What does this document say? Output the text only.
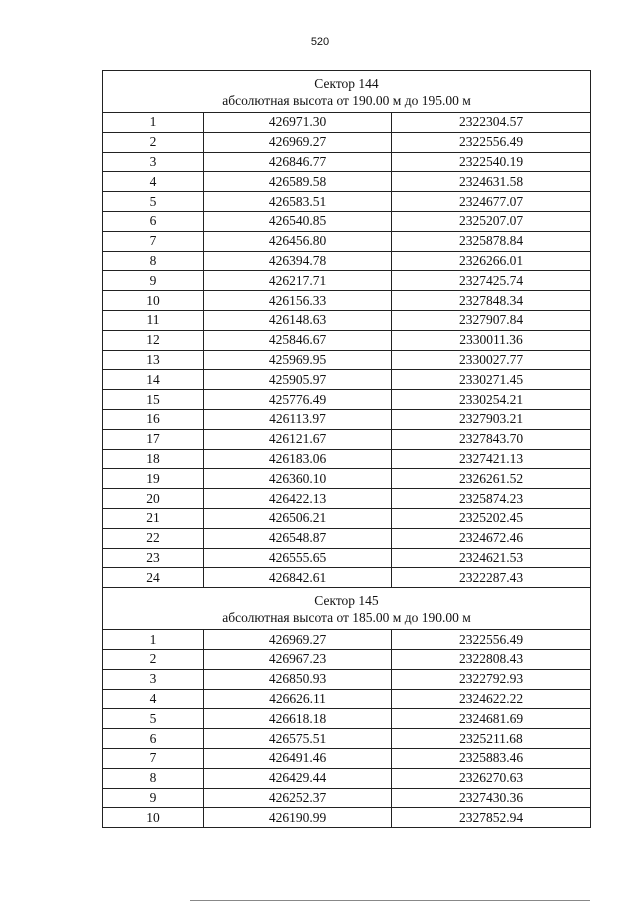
520
Сектор 144
абсолютная высота от 190.00 м до 195.00 м		

1	426971.30	2322304.57
2	426969.27	2322556.49
3	426846.77	2322540.19
4	426589.58	2324631.58
5	426583.51	2324677.07
6	426540.85	2325207.07
7	426456.80	2325878.84
8	426394.78	2326266.01
9	426217.71	2327425.74
10	426156.33	2327848.34
11	426148.63	2327907.84
12	425846.67	2330011.36
13	425969.95	2330027.77
14	425905.97	2330271.45
15	425776.49	2330254.21
16	426113.97	2327903.21
17	426121.67	2327843.70
18	426183.06	2327421.13
19	426360.10	2326261.52
20	426422.13	2325874.23
21	426506.21	2325202.45
22	426548.87	2324672.46
23	426555.65	2324621.53
24	426842.61	2322287.43

Сектор 145
абсолютная высота от 185.00 м до 190.00 м		

1	426969.27	2322556.49
2	426967.23	2322808.43
3	426850.93	2322792.93
4	426626.11	2324622.22
5	426618.18	2324681.69
6	426575.51	2325211.68
7	426491.46	2325883.46
8	426429.44	2326270.63
9	426252.37	2327430.36
10	426190.99	2327852.94
